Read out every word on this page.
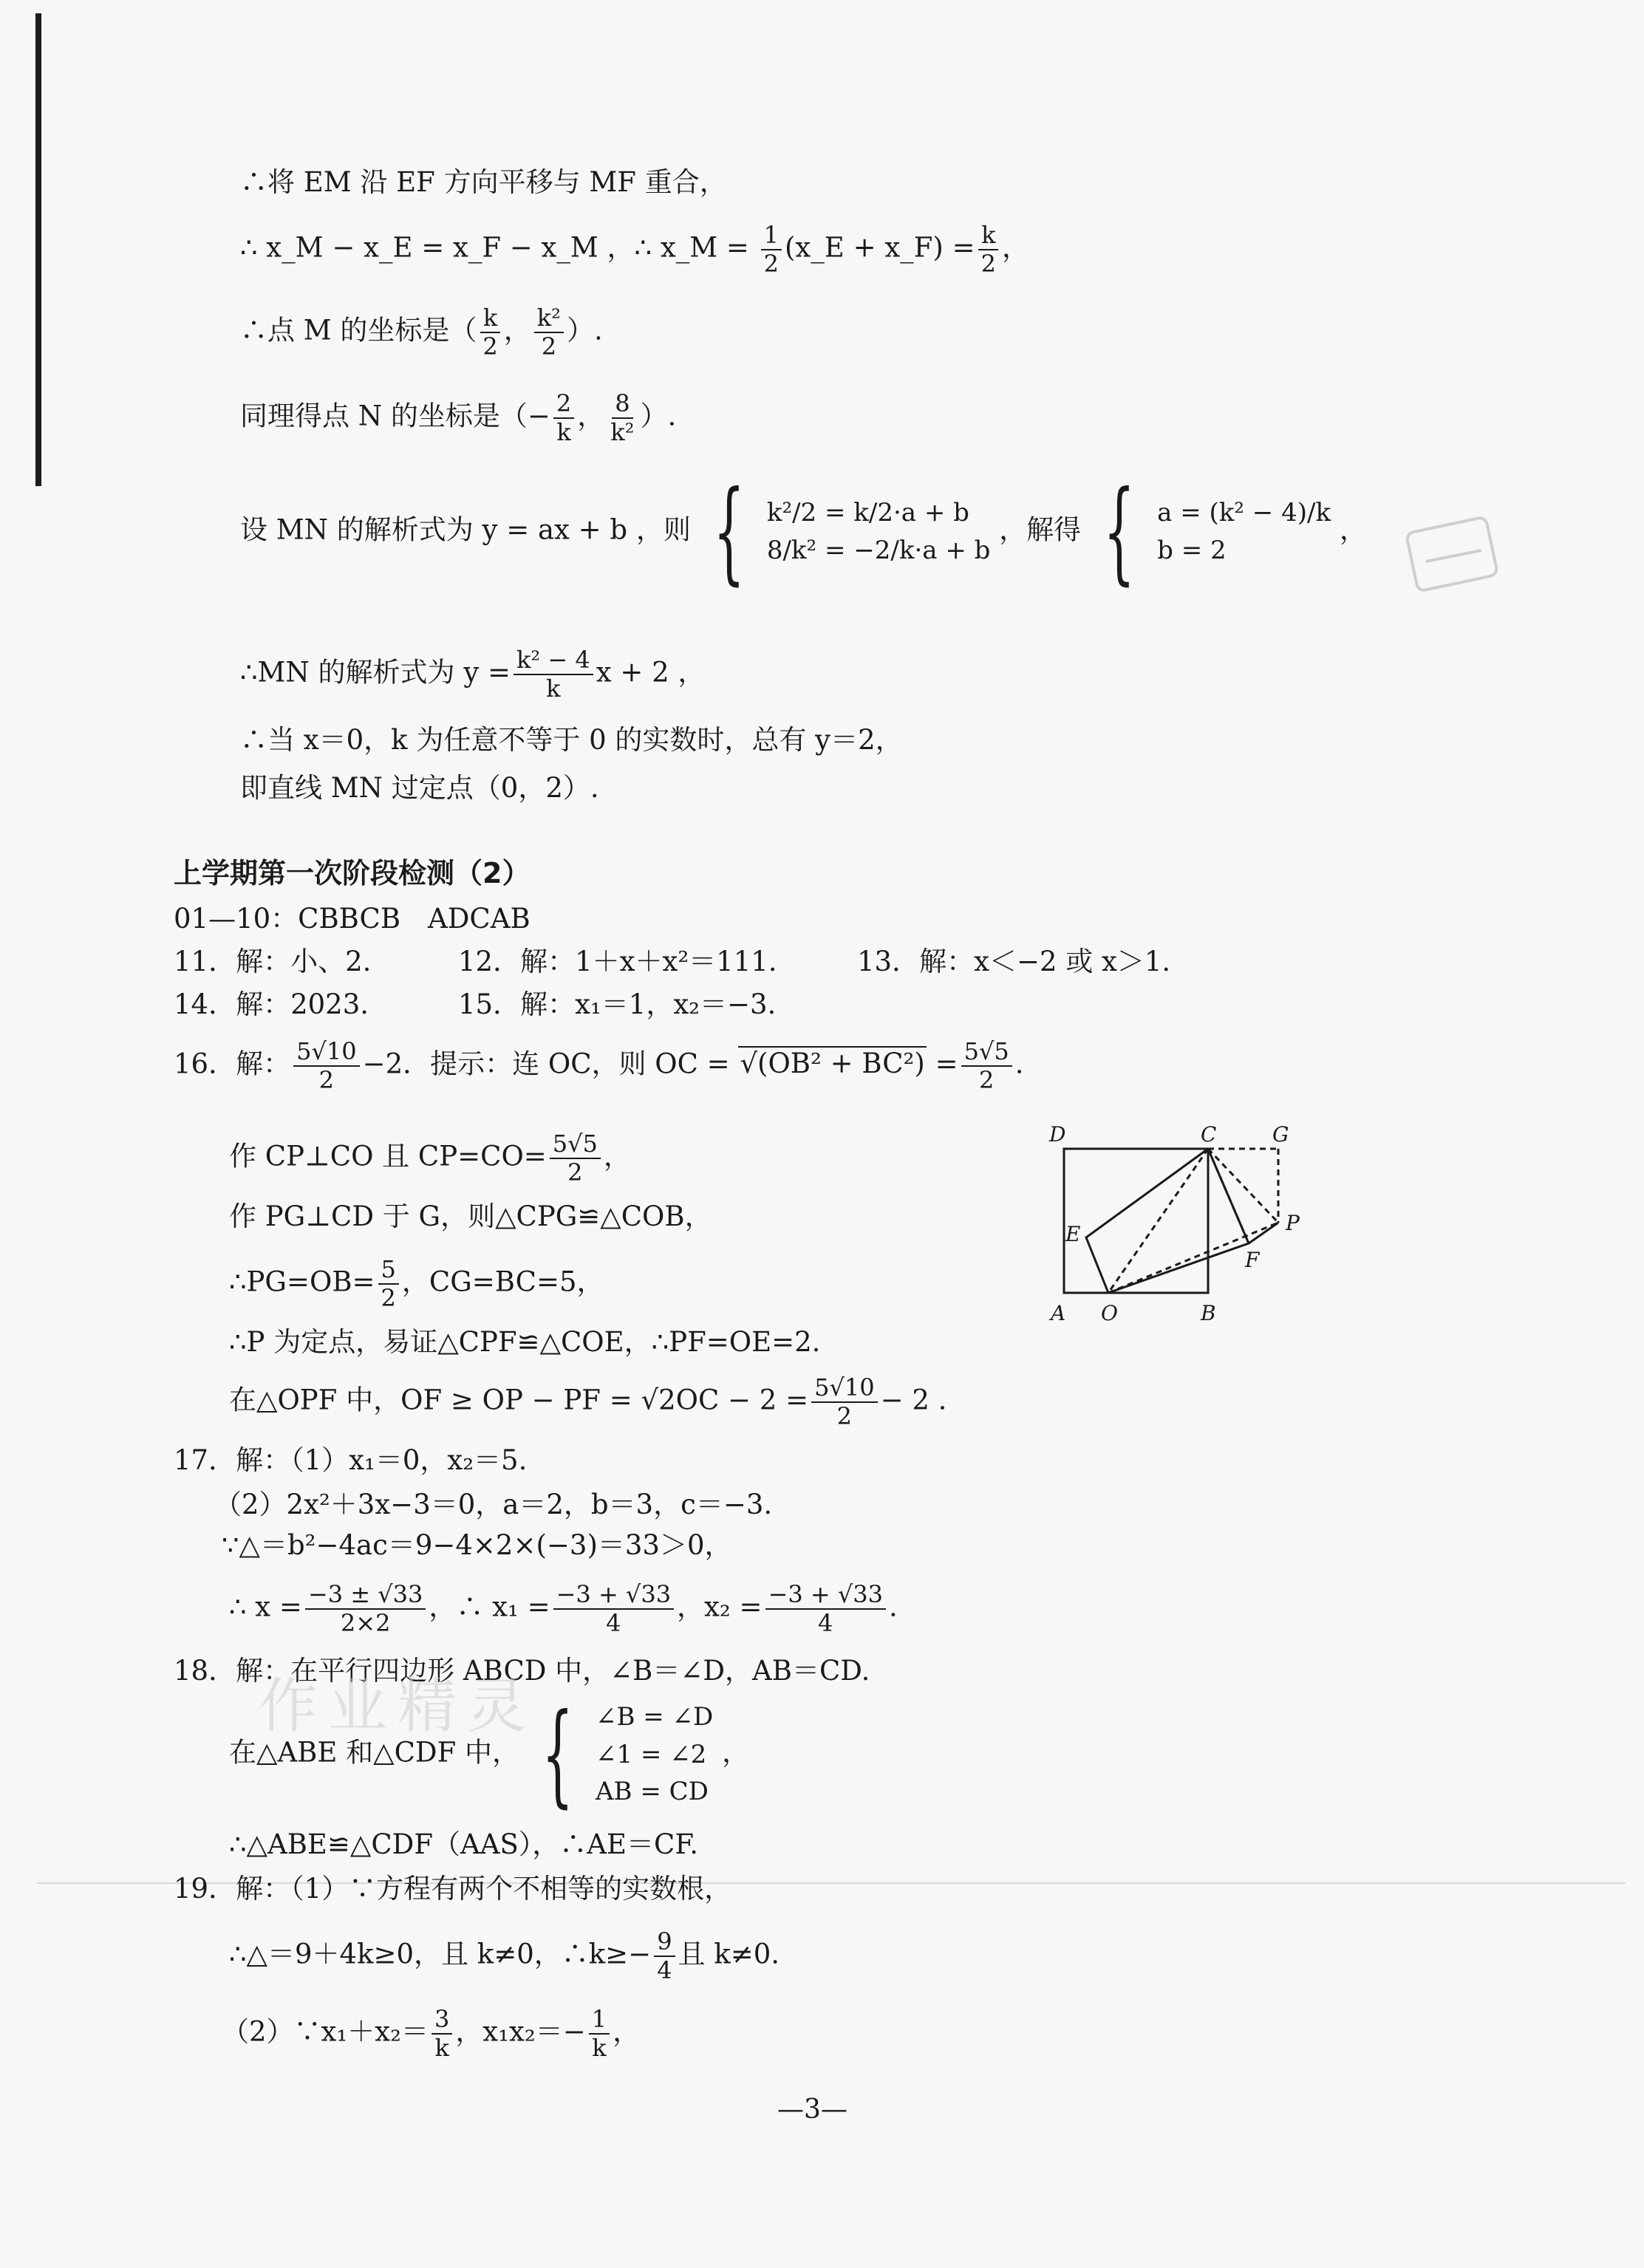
∴将 EM 沿 EF 方向平移与 MF 重合，
∴ x_M − x_E = x_F − x_M ，∴ x_M = $\frac{1}{2}$ (x_E + x_F) = $\frac{k}{2}$ ，
∴点 M 的坐标是（ $\frac{k}{2}$ ， $\frac{\text{k²}}{2}$ ）.
同理得点 N 的坐标是（− $\frac{2}{k}$ ， $\frac{8}{\text{k²}}$ ）.
设 MN 的解析式为 y = ax + b ，则 { k²/2 = k/2·a + b
8/k² = −2/k·a + b
，解得 { a = (k² − 4)/k
b = 2
，
∴MN 的解析式为 $y = \frac{\text{k² − 4}}{k}$ x + 2 ，
∴当 x＝0，k 为任意不等于 0 的实数时，总有 y＝2，
即直线 MN 过定点（0，2）.
上学期第一次阶段检测（2）
01—10：CBBCB　ADCAB
11．解：小、2.	12．解：1＋x＋x²＝111.	13．解：x＜−2 或 x＞1.
14．解：2023.	15．解：x₁＝1，x₂＝−3.
16．解： $\frac{5√10}{2} -2$．提示：连 OC，则 OC = $√(OB^2 + BC^2) = \frac{5√5}{2}$ .
作 CP⊥CO 且 $CP=CO= \frac{5√5}{2}$ ，
作 PG⊥CD 于 G，则△CPG≌△COB，
∴PG=OB= $\frac{5}{2}$ ，CG=BC=5，
∴P 为定点，易证△CPF≌△COE，∴PF=OE=2.
在△OPF 中，OF ≥ OP − PF = $√2OC - 2 = \frac{5√10}{2} - 2$ .
D	C	G
E	P
F
A O	B
17．解：（1）x₁＝0，x₂＝5.
（2）2x²＋3x−3＝0，a＝2，b＝3，c＝−3.
∵△＝b²−4ac＝9−4×2×(−3)＝33＞0，
∴ $x = \frac{-3 \pm √33}{2\times 2}$ ，∴ $x_1 = \frac{-3 + √33}{4}$ ，$x_2 = \frac{-3 + √33}{4}$ .
18．解：在平行四边形 ABCD 中，∠B＝∠D，AB＝CD.
在△ABE 和△CDF 中， { ∠B = ∠D
∠1 = ∠2
AB = CD
，
∴△ABE≌△CDF（AAS），∴AE＝CF.
19．解：（1）∵方程有两个不相等的实数根，
∴△＝9＋4k≥0，且 k≠0，∴k≥− $\frac{9}{4}$ 且 k≠0.
（2）∵x₁＋x₂＝ $\frac{3}{k}$ ，$x_1x_2=- \frac{1}{k}$ ，
—3—
作业精灵
